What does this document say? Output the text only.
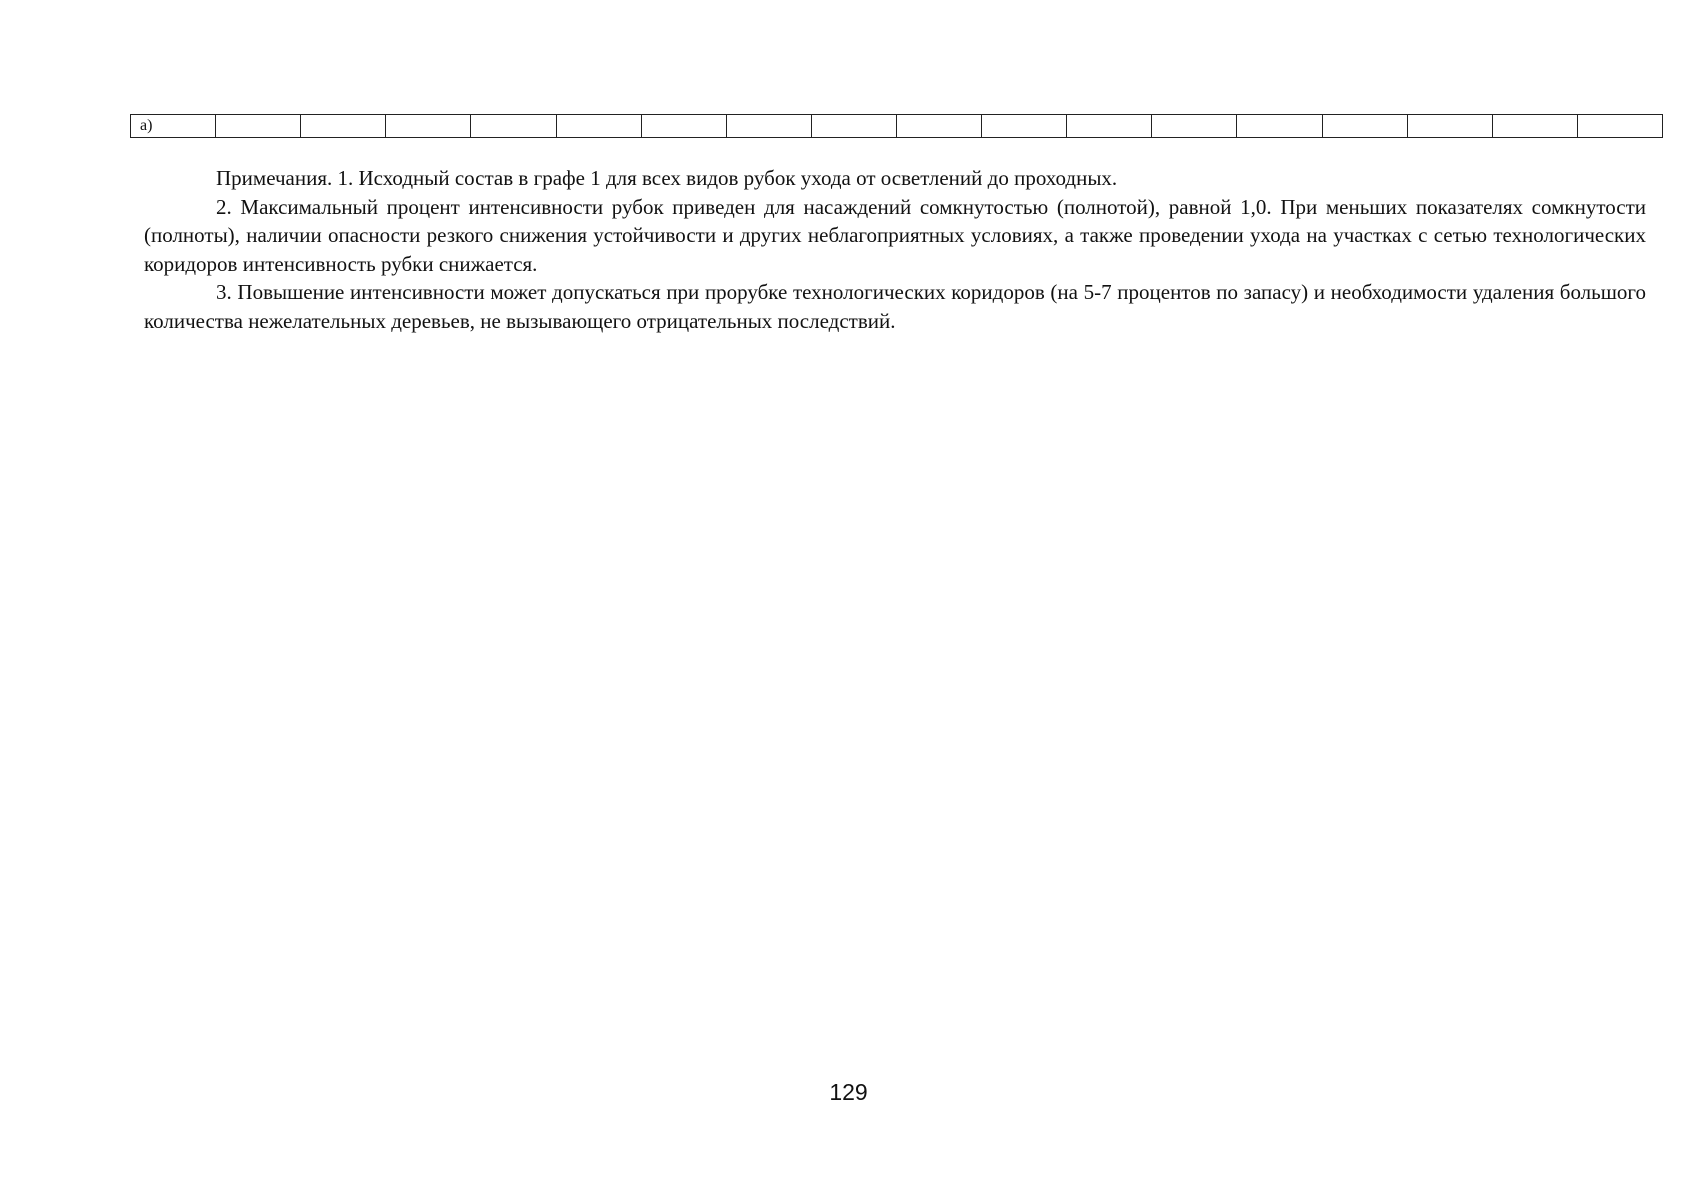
а)																	

Примечания. 1. Исходный состав в графе 1 для всех видов рубок ухода от осветлений до проходных.

2. Максимальный процент интенсивности рубок приведен для насаждений сомкнутостью (полнотой), равной 1,0. При меньших показателях сомкнутости (полноты), наличии опасности резкого снижения устойчивости и других неблагоприятных условиях, а также проведении ухода на участках с сетью технологических коридоров интенсивность рубки снижается.

3. Повышение интенсивности может допускаться при прорубке технологических коридоров (на 5-7 процентов по запасу) и необходимости удаления большого количества нежелательных деревьев, не вызывающего отрицательных последствий.

129
